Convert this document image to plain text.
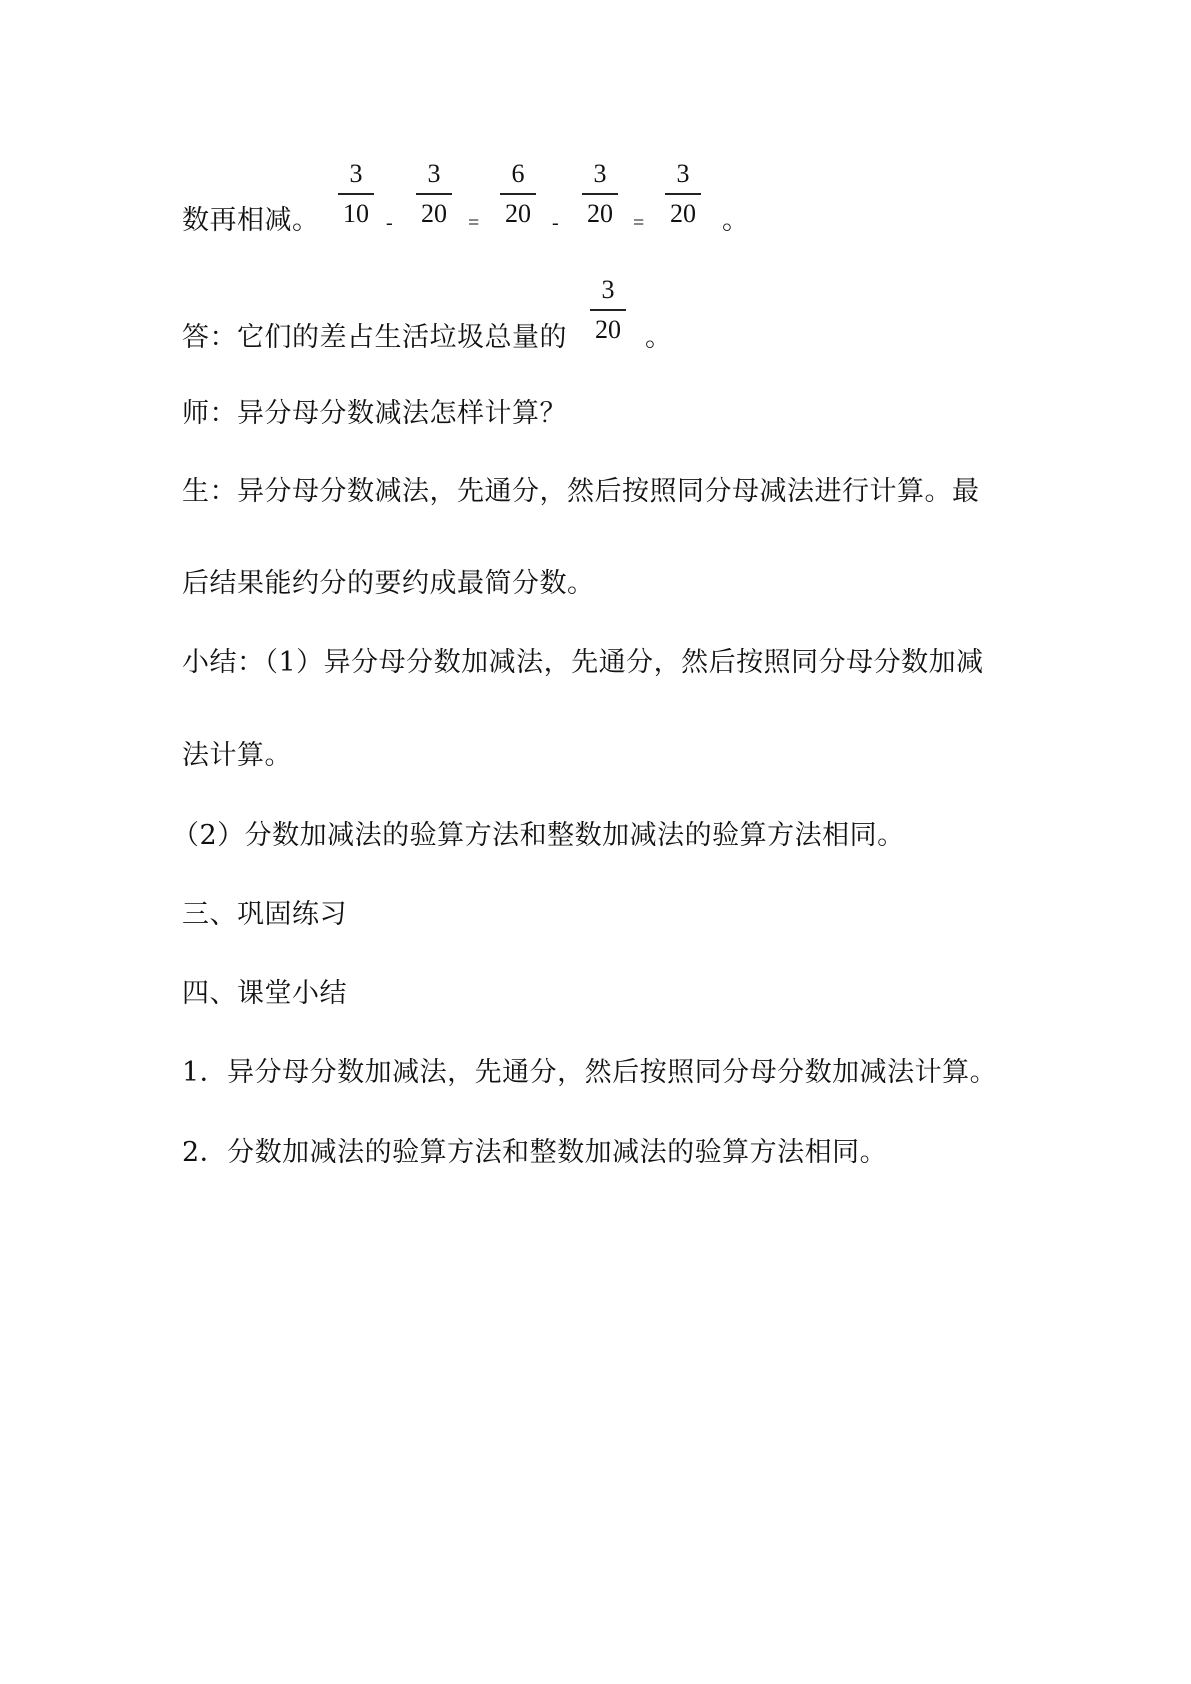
数再相减。
3
10 -
3
20	=
6
20	-
3
20	=
3
20 。
答：它们的差占生活垃圾总量的
3
20 。
师：异分母分数减法怎样计算？
生：异分母分数减法，先通分，然后按照同分母减法进行计算。最
后结果能约分的要约成最简分数。
小结：（1）异分母分数加减法，先通分，然后按照同分母分数加减
法计算。
（2）分数加减法的验算方法和整数加减法的验算方法相同。
三、巩固练习
四、课堂小结
1．异分母分数加减法，先通分，然后按照同分母分数加减法计算。
2．分数加减法的验算方法和整数加减法的验算方法相同。
